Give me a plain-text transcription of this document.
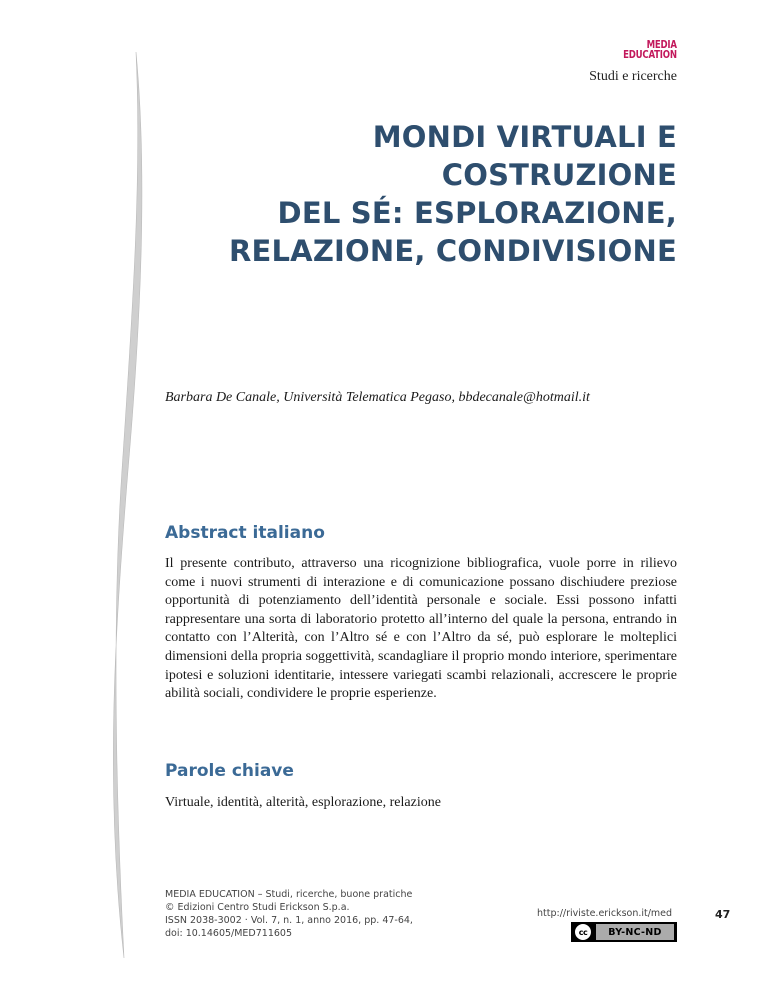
MEDIA
EDUCATION
Studi e ricerche
MONDI VIRTUALI E COSTRUZIONE
DEL SÉ: ESPLORAZIONE,
RELAZIONE, CONDIVISIONE
Barbara De Canale, Università Telematica Pegaso, bbdecanale@hotmail.it
Abstract italiano
Il presente contributo, attraverso una ricognizione bibliografica, vuole porre in rilievo come i nuovi strumenti di interazione e di comunicazione possano dischiudere preziose opportunità di potenziamento dell’identità personale e sociale. Essi possono infatti rappresentare una sorta di laboratorio protetto all’interno del quale la persona, entrando in contatto con l’Alterità, con l’Altro sé e con l’Altro da sé, può esplorare le molteplici dimensioni della propria soggettività, scandagliare il proprio mondo interiore, sperimentare ipotesi e soluzioni identitarie, intessere variegati scambi relazionali, accrescere le proprie abilità sociali, condividere le proprie esperienze.
Parole chiave
Virtuale, identità, alterità, esplorazione, relazione
MEDIA EDUCATION – Studi, ricerche, buone pratiche
© Edizioni Centro Studi Erickson S.p.a.
ISSN 2038-3002 · Vol. 7, n. 1, anno 2016, pp. 47-64,
doi: 10.14605/MED711605
http://riviste.erickson.it/med
cc	BY-NC-ND
47
